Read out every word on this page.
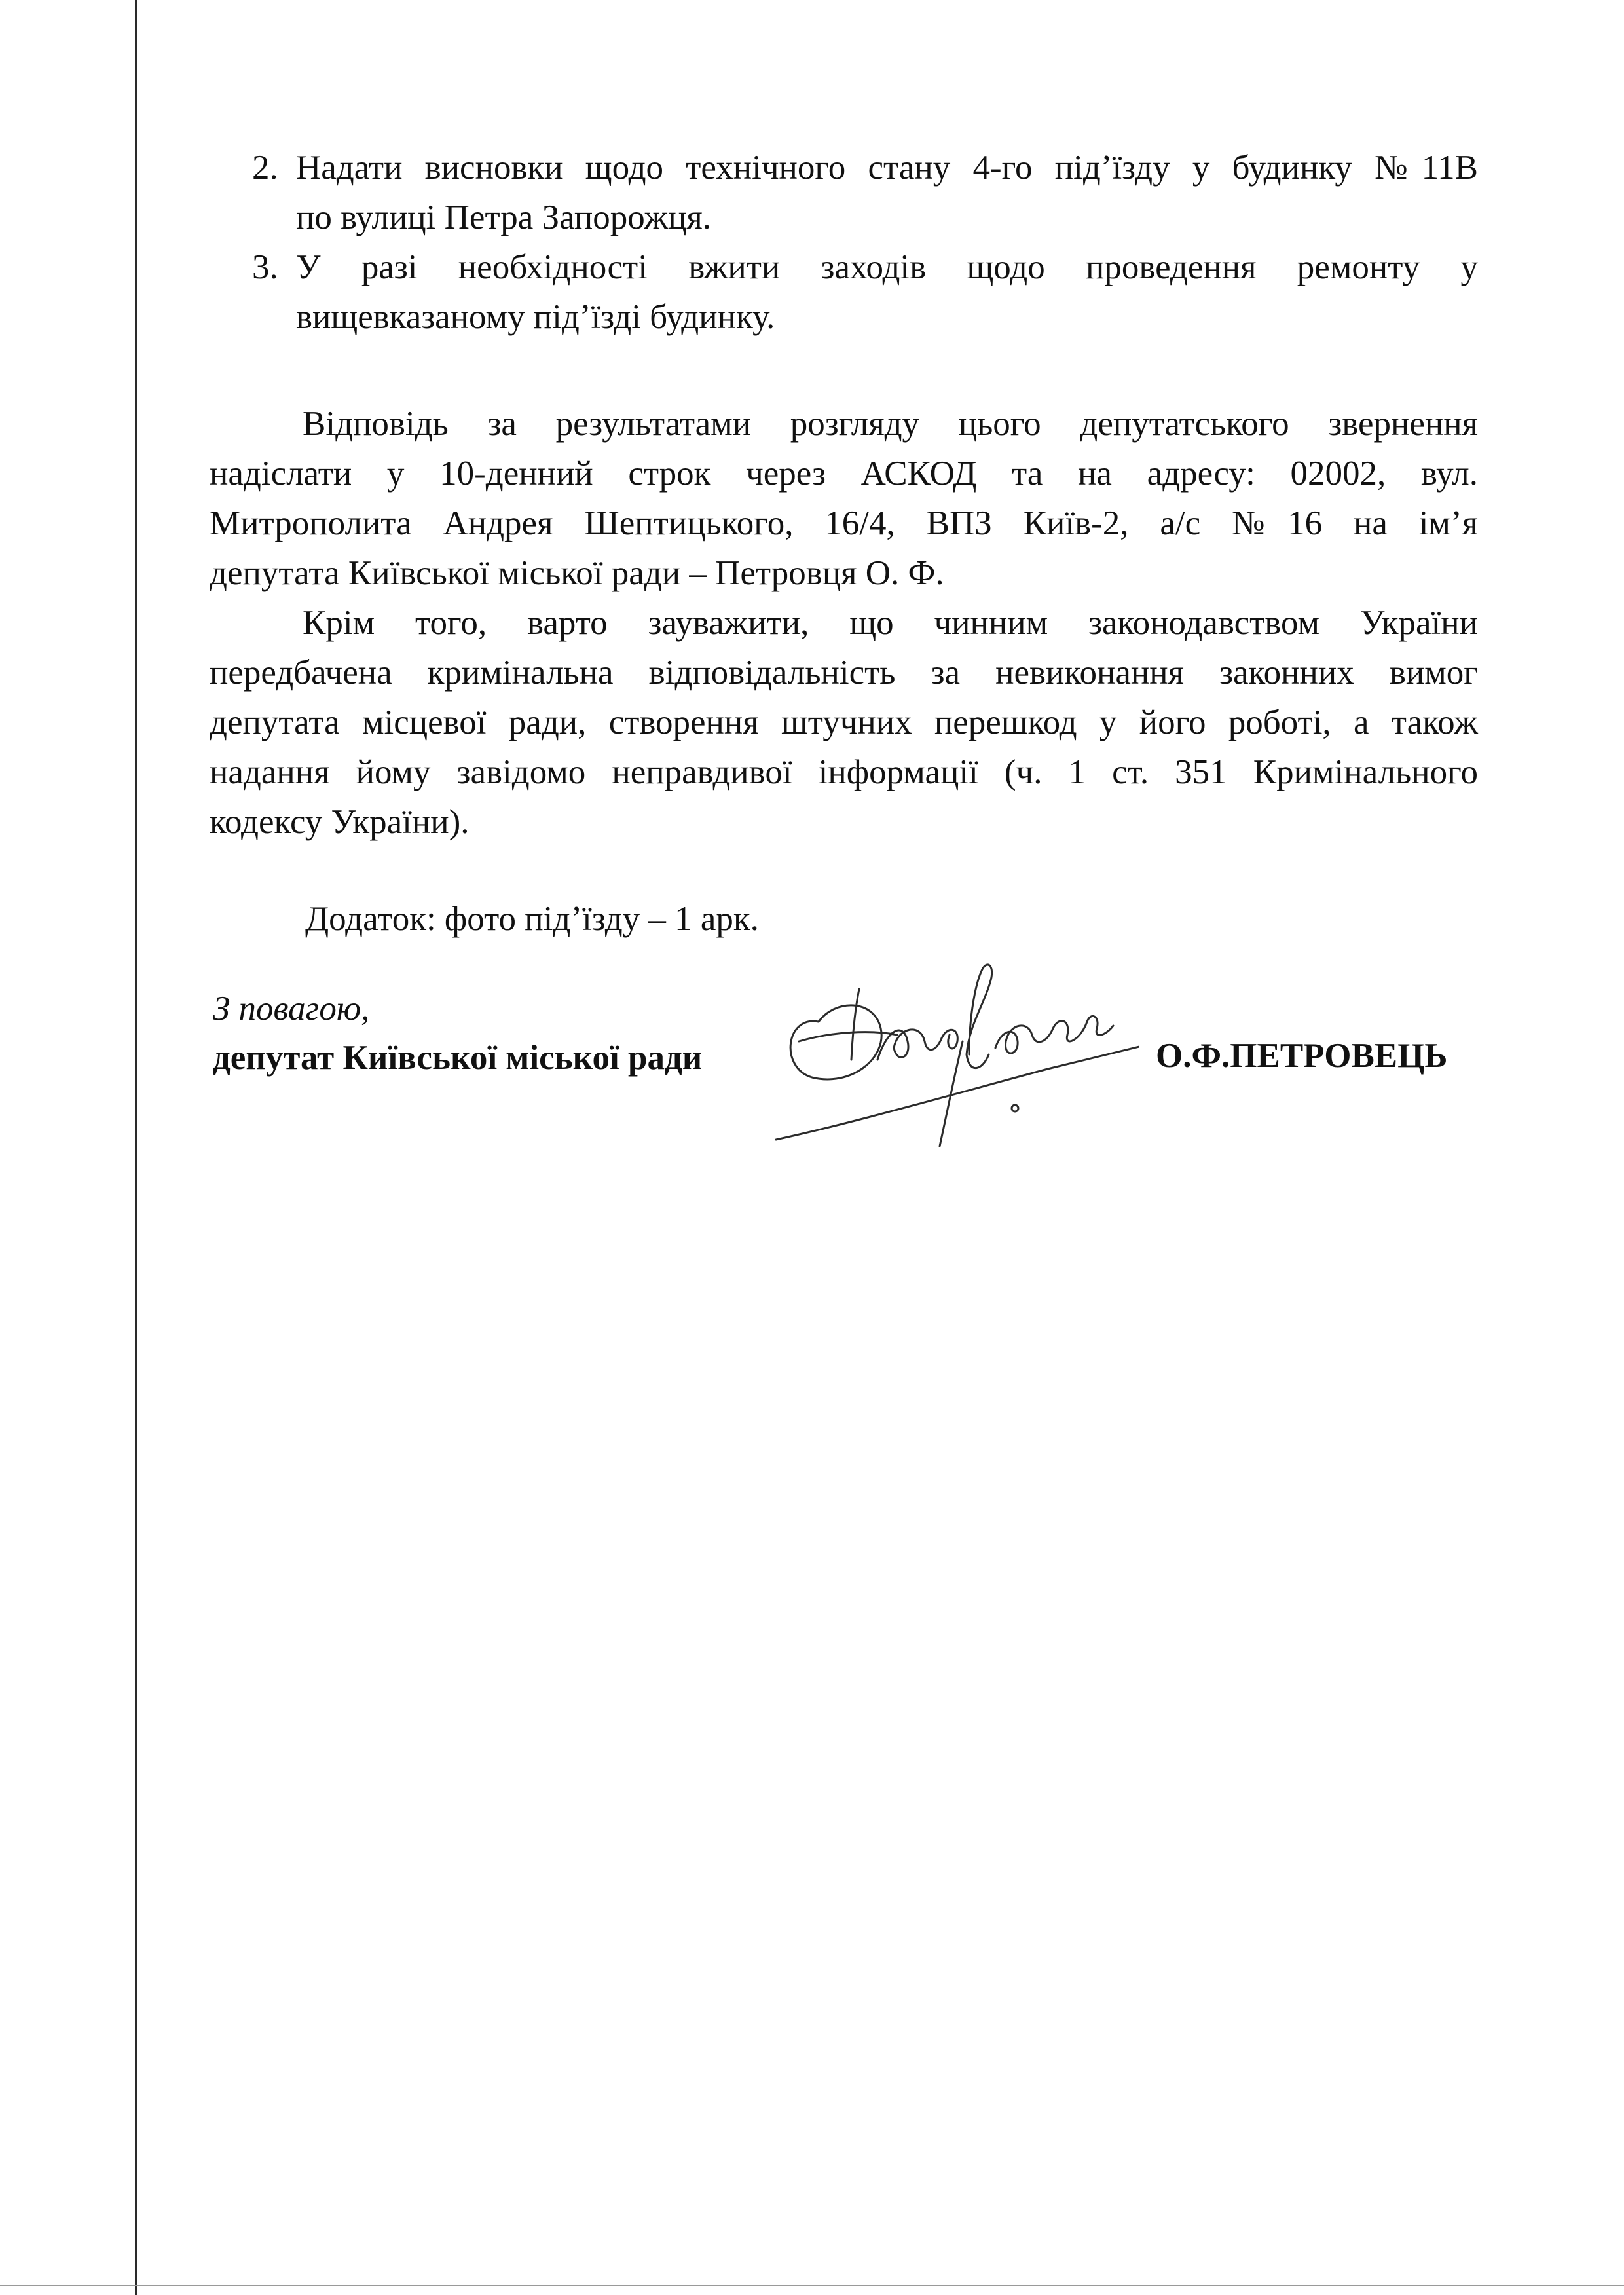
2. Надати висновки щодо технічного стану 4-го під’їзду у будинку №11В
по вулиці Петра Запорожця.
3. У разі необхідності вжити заходів щодо проведення ремонту у
вищевказаному під’їзді будинку.
Відповідь за результатами розгляду цього депутатського звернення
надіслати у 10-денний строк через АСКОД та на адресу: 02002, вул.
Митрополита Андрея Шептицького, 16/4, ВПЗ Київ-2, а/с №16 на ім’я
депутата Київської міської ради – Петровця О. Ф.
Крім того, варто зауважити, що чинним законодавством України
передбачена кримінальна відповідальність за невиконання законних вимог
депутата місцевої ради, створення штучних перешкод у його роботі, а також
надання йому завідомо неправдивої інформації (ч. 1 ст. 351 Кримінального
кодексу України).
Додаток: фото під’їзду – 1 арк.
З повагою,
депутат Київської міської ради	О.Ф.ПЕТРОВЕЦЬ
